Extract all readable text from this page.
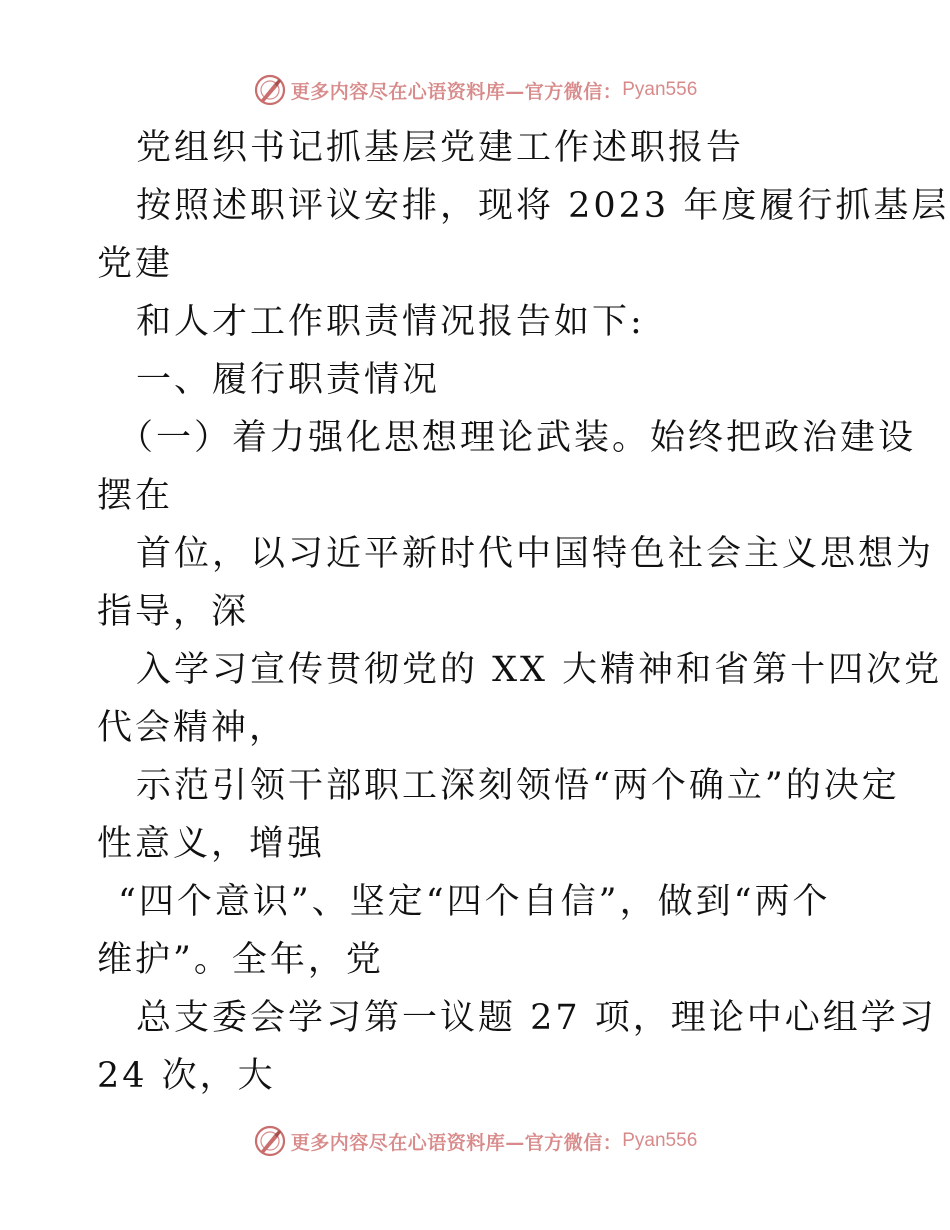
更多内容尽在心语资料库—官方微信： Pyan556
党组织书记抓基层党建工作述职报告
按照述职评议安排，现将 2023 年度履行抓基层
党建
和人才工作职责情况报告如下:
一、履行职责情况
（一）着力强化思想理论武装。始终把政治建设
摆在
首位，以习近平新时代中国特色社会主义思想为
指导，深
入学习宣传贯彻党的 XX 大精神和省第十四次党
代会精神，
示范引领干部职工深刻领悟“两个确立”的决定
性意义，增强
“四个意识”、坚定“四个自信”，做到“两个
维护”。全年，党
总支委会学习第一议题 27 项，理论中心组学习
24 次，大
更多内容尽在心语资料库—官方微信： Pyan556
